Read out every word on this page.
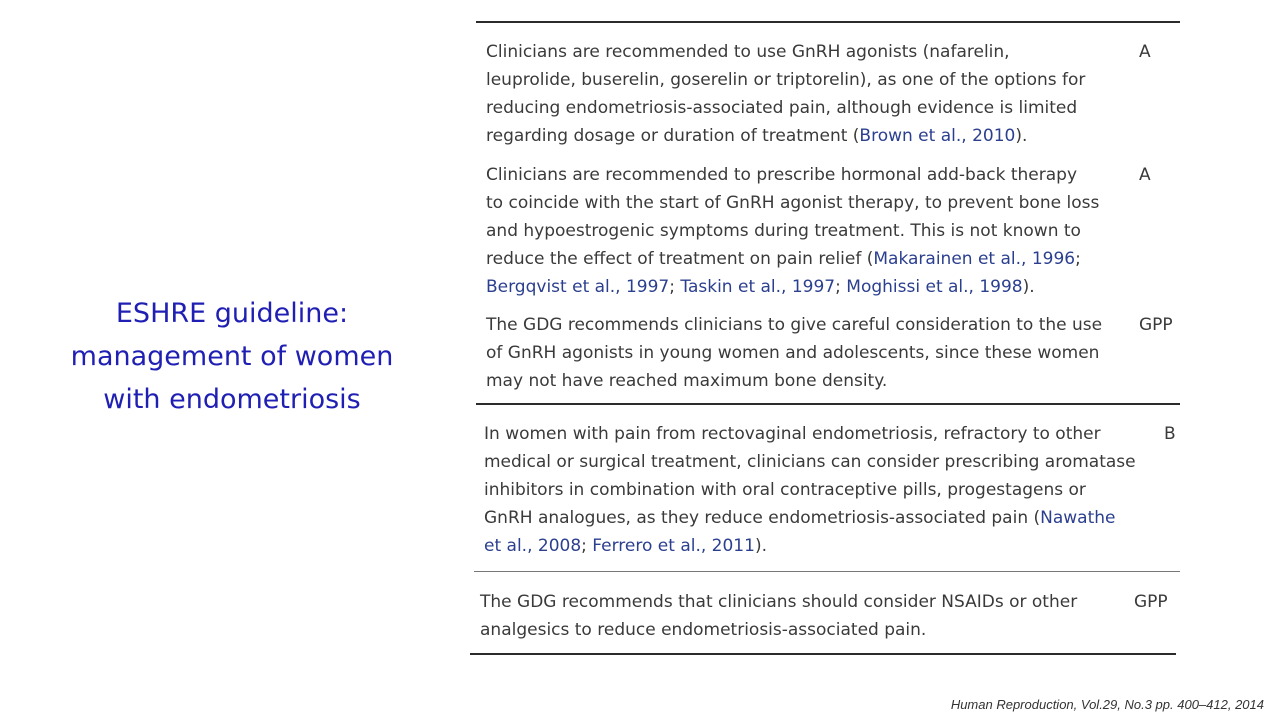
ESHRE guideline:
management of women
with endometriosis
Clinicians are recommended to use GnRH agonists (nafarelin,
leuprolide, buserelin, goserelin or triptorelin), as one of the options for
reducing endometriosis-associated pain, although evidence is limited
regarding dosage or duration of treatment (Brown et al., 2010).
A
Clinicians are recommended to prescribe hormonal add-back therapy
to coincide with the start of GnRH agonist therapy, to prevent bone loss
and hypoestrogenic symptoms during treatment. This is not known to
reduce the effect of treatment on pain relief (Makarainen et al., 1996;
Bergqvist et al., 1997; Taskin et al., 1997; Moghissi et al., 1998).
A
The GDG recommends clinicians to give careful consideration to the use
of GnRH agonists in young women and adolescents, since these women
may not have reached maximum bone density.
GPP
In women with pain from rectovaginal endometriosis, refractory to other
medical or surgical treatment, clinicians can consider prescribing aromatase
inhibitors in combination with oral contraceptive pills, progestagens or
GnRH analogues, as they reduce endometriosis-associated pain (Nawathe
et al., 2008; Ferrero et al., 2011).
B
The GDG recommends that clinicians should consider NSAIDs or other
analgesics to reduce endometriosis-associated pain.
GPP
Human Reproduction, Vol.29, No.3 pp. 400–412, 2014
